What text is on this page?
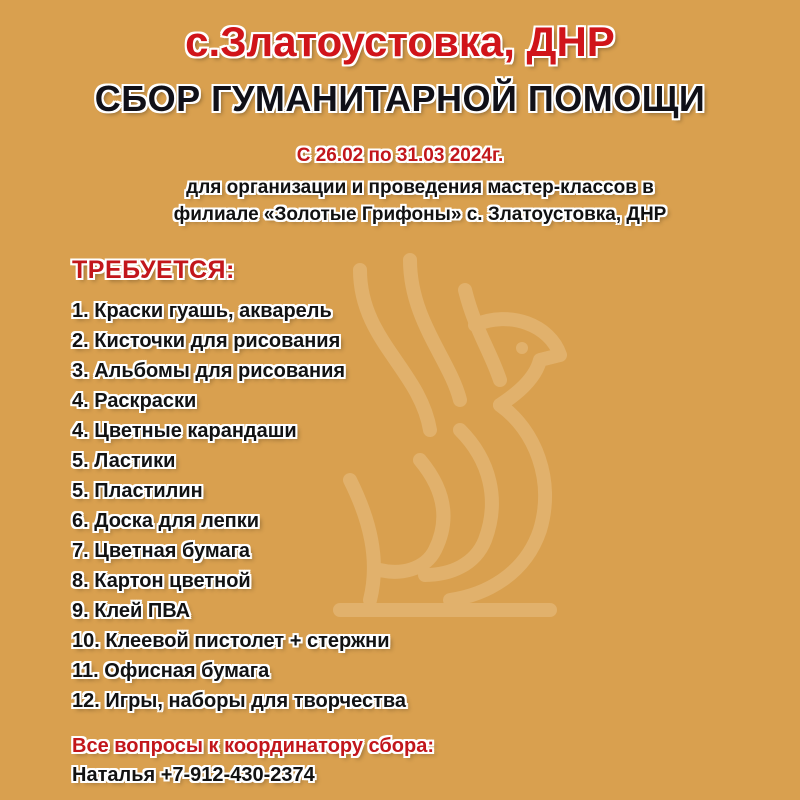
с.Златоустовка, ДНР
СБОР ГУМАНИТАРНОЙ ПОМОЩИ
С 26.02 по 31.03 2024г.
для организации и проведения мастер-классов в
филиале «Золотые Грифоны» с. Златоустовка, ДНР
ТРЕБУЕТСЯ:
1. Краски гуашь, акварель
2. Кисточки для рисования
3. Альбомы для рисования
4. Раскраски
4. Цветные карандаши
5. Ластики
5. Пластилин
6. Доска для лепки
7. Цветная бумага
8. Картон цветной
9. Клей ПВА
10. Клеевой пистолет + стержни
11. Офисная бумага
12. Игры, наборы для творчества
Все вопросы к координатору сбора:
Наталья +7-912-430-2374
